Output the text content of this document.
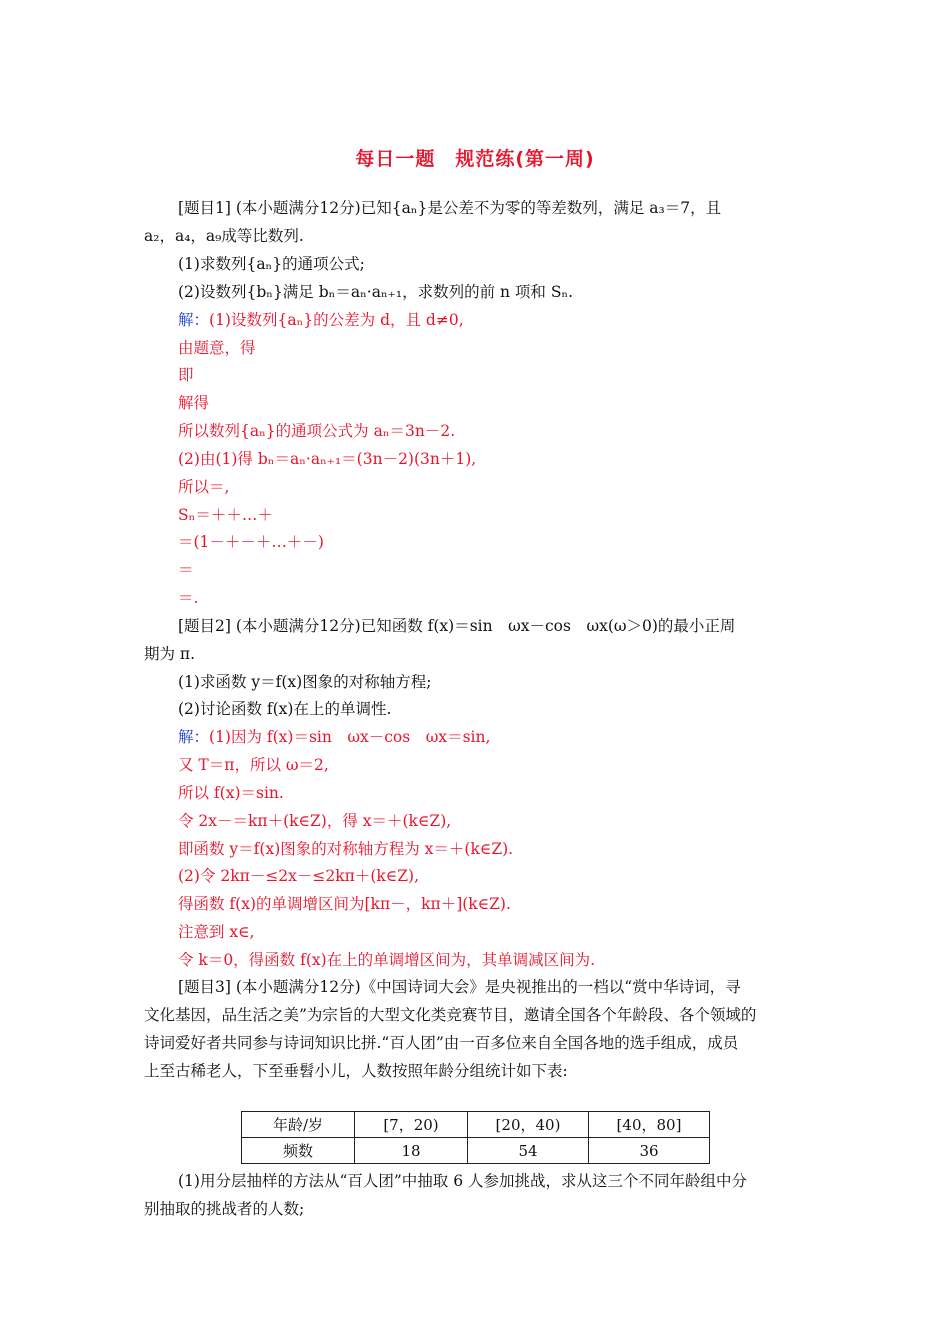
每日一题　规范练(第一周)
[题目1] (本小题满分12分)已知{aₙ}是公差不为零的等差数列，满足 a₃＝7，且
a₂，a₄，a₉成等比数列.
(1)求数列{aₙ}的通项公式;
(2)设数列{bₙ}满足 bₙ＝aₙ·aₙ₊₁，求数列的前 n 项和 Sₙ.
解：(1)设数列{aₙ}的公差为 d，且 d≠0,
由题意，得
即
解得
所以数列{aₙ}的通项公式为 aₙ＝3n－2.
(2)由(1)得 bₙ＝aₙ·aₙ₊₁＝(3n－2)(3n＋1),
所以＝,
Sₙ＝＋＋…＋
＝(1－＋－＋…＋－)
＝
＝.
[题目2] (本小题满分12分)已知函数 f(x)＝sin　ωx－cos　ωx(ω＞0)的最小正周
期为 π.
(1)求函数 y＝f(x)图象的对称轴方程;
(2)讨论函数 f(x)在上的单调性.
解：(1)因为 f(x)＝sin　ωx－cos　ωx＝sin,
又 T＝π，所以 ω＝2,
所以 f(x)＝sin.
令 2x－＝kπ＋(k∈Z)，得 x＝＋(k∈Z),
即函数 y＝f(x)图象的对称轴方程为 x＝＋(k∈Z).
(2)令 2kπ－≤2x－≤2kπ＋(k∈Z),
得函数 f(x)的单调增区间为[kπ－，kπ＋](k∈Z).
注意到 x∈,
令 k＝0，得函数 f(x)在上的单调增区间为，其单调减区间为.
[题目3] (本小题满分12分)《中国诗词大会》是央视推出的一档以“赏中华诗词，寻
文化基因，品生活之美”为宗旨的大型文化类竞赛节目，邀请全国各个年龄段、各个领域的
诗词爱好者共同参与诗词知识比拼.“百人团”由一百多位来自全国各地的选手组成，成员
上至古稀老人，下至垂髫小儿，人数按照年龄分组统计如下表:
年龄/岁	[7，20)	[20，40)	[40，80]
频数	18	54	36
(1)用分层抽样的方法从“百人团”中抽取 6 人参加挑战，求从这三个不同年龄组中分
别抽取的挑战者的人数;
